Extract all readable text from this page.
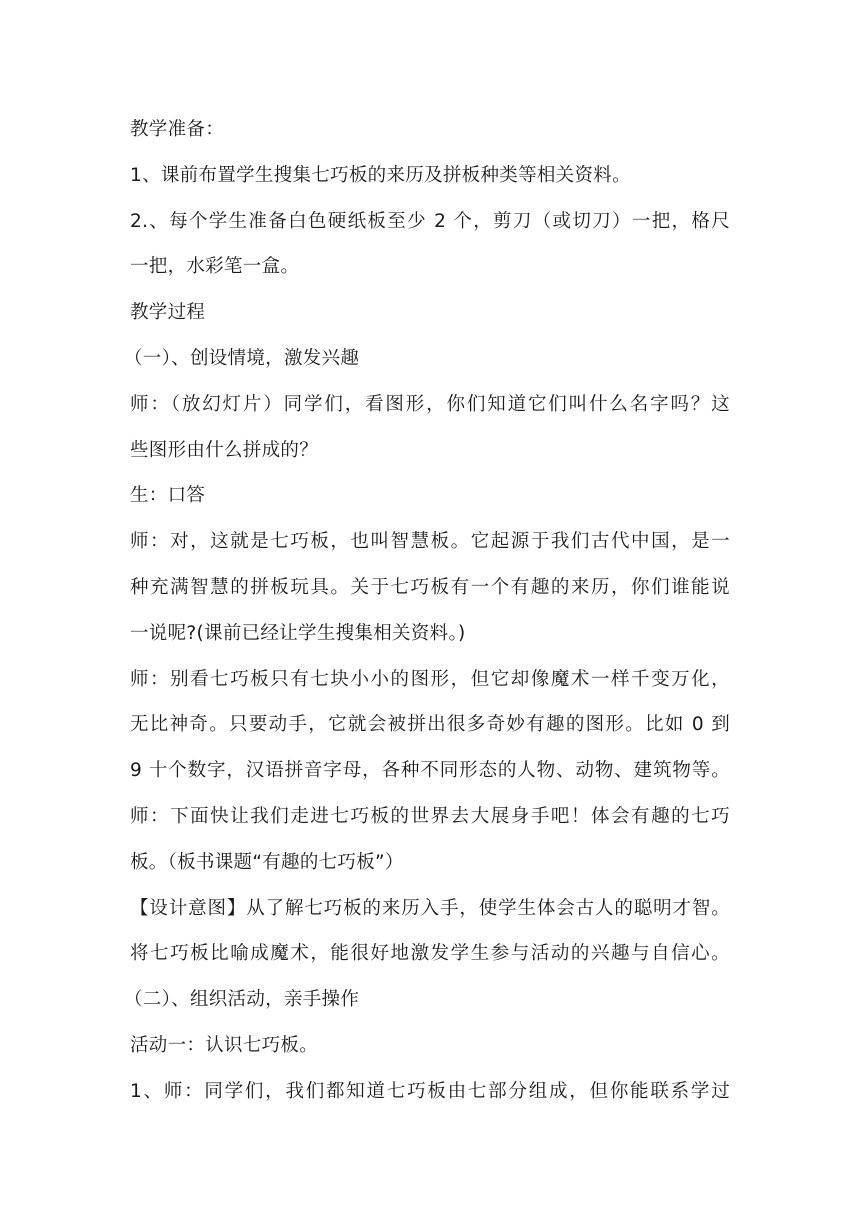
教学准备：
1、课前布置学生搜集七巧板的来历及拼板种类等相关资料。
2.、每个学生准备白色硬纸板至少 2 个，剪刀（或切刀）一把，格尺
一把，水彩笔一盒。
教学过程
（一）、创设情境，激发兴趣
师：（放幻灯片）同学们，看图形，你们知道它们叫什么名字吗？这
些图形由什么拼成的？
生：口答
师：对，这就是七巧板，也叫智慧板。它起源于我们古代中国，是一
种充满智慧的拼板玩具。关于七巧板有一个有趣的来历，你们谁能说
一说呢?(课前已经让学生搜集相关资料。)
师：别看七巧板只有七块小小的图形，但它却像魔术一样千变万化，
无比神奇。只要动手，它就会被拼出很多奇妙有趣的图形。比如 0 到
9 十个数字，汉语拼音字母，各种不同形态的人物、动物、建筑物等。
师：下面快让我们走进七巧板的世界去大展身手吧！体会有趣的七巧
板。（板书课题“有趣的七巧板”）
【设计意图】从了解七巧板的来历入手，使学生体会古人的聪明才智。
将七巧板比喻成魔术，能很好地激发学生参与活动的兴趣与自信心。
（二）、组织活动，亲手操作
活动一：认识七巧板。
1、师：同学们，我们都知道七巧板由七部分组成，但你能联系学过
